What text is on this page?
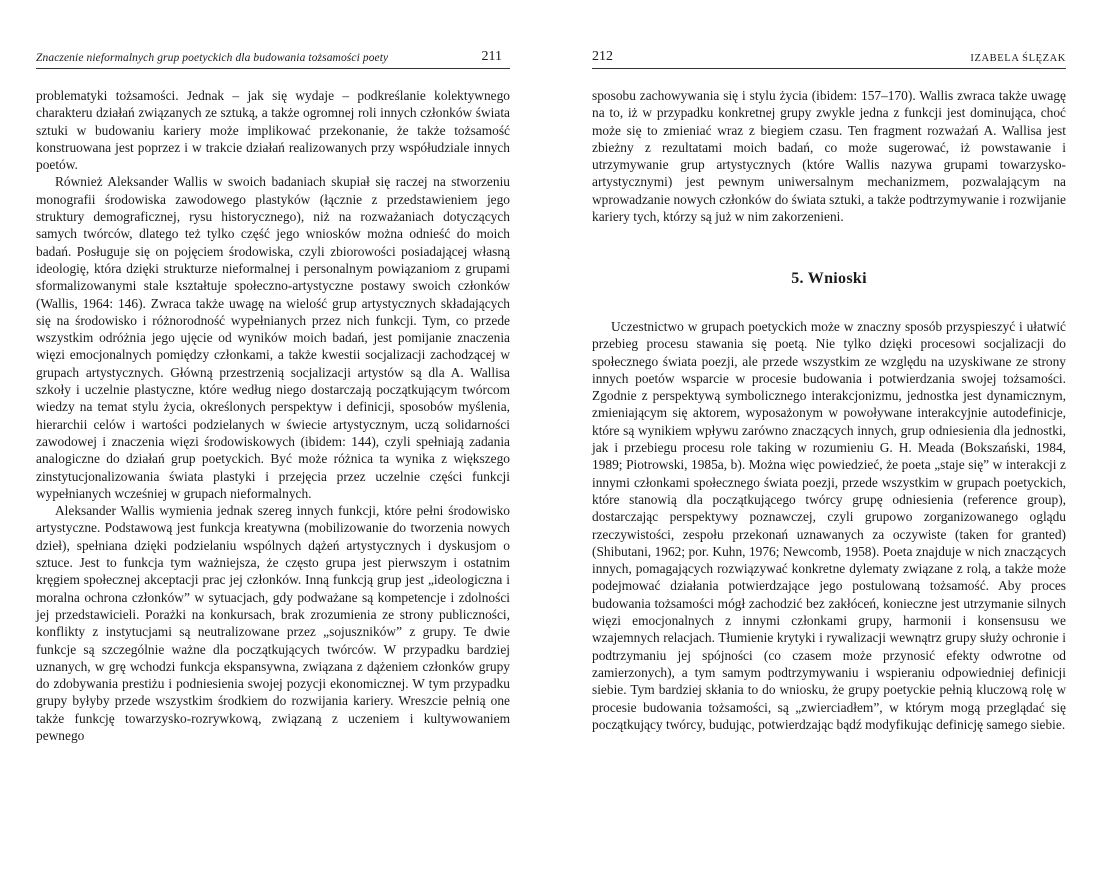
Znaczenie nieformalnych grup poetyckich dla budowania tożsamości poety	211

problematyki tożsamości. Jednak – jak się wydaje – podkreślanie kolektywnego charakteru działań związanych ze sztuką, a także ogromnej roli innych członków świata sztuki w budowaniu kariery może implikować przekonanie, że także tożsamość konstruowana jest poprzez i w trakcie działań realizowanych przy współudziale innych poetów.

Również Aleksander Wallis w swoich badaniach skupiał się raczej na stworzeniu monografii środowiska zawodowego plastyków (łącznie z przedstawieniem jego struktury demograficznej, rysu historycznego), niż na rozważaniach dotyczących samych twórców, dlatego też tylko część jego wniosków można odnieść do moich badań. Posługuje się on pojęciem środowiska, czyli zbiorowości posiadającej własną ideologię, która dzięki strukturze nieformalnej i personalnym powiązaniom z grupami sformalizowanymi stale kształtuje społeczno-artystyczne postawy swoich członków (Wallis, 1964: 146). Zwraca także uwagę na wielość grup artystycznych składających się na środowisko i różnorodność wypełnianych przez nich funkcji. Tym, co przede wszystkim odróżnia jego ujęcie od wyników moich badań, jest pomijanie znaczenia więzi emocjonalnych pomiędzy członkami, a także kwestii socjalizacji zachodzącej w grupach artystycznych. Główną przestrzenią socjalizacji artystów są dla A. Wallisa szkoły i uczelnie plastyczne, które według niego dostarczają początkującym twórcom wiedzy na temat stylu życia, określonych perspektyw i definicji, sposobów myślenia, hierarchii celów i wartości podzielanych w świecie artystycznym, uczą solidarności zawodowej i znaczenia więzi środowiskowych (ibidem: 144), czyli spełniają zadania analogiczne do działań grup poetyckich. Być może różnica ta wynika z większego zinstytucjonalizowania świata plastyki i przejęcia przez uczelnie części funkcji wypełnianych wcześniej w grupach nieformalnych.

Aleksander Wallis wymienia jednak szereg innych funkcji, które pełni środowisko artystyczne. Podstawową jest funkcja kreatywna (mobilizowanie do tworzenia nowych dzieł), spełniana dzięki podzielaniu wspólnych dążeń artystycznych i dyskusjom o sztuce. Jest to funkcja tym ważniejsza, że często grupa jest pierwszym i ostatnim kręgiem społecznej akceptacji prac jej członków. Inną funkcją grup jest „ideologiczna i moralna ochrona członków” w sytuacjach, gdy podważane są kompetencje i zdolności jej przedstawicieli. Porażki na konkursach, brak zrozumienia ze strony publiczności, konflikty z instytucjami są neutralizowane przez „sojuszników” z grupy. Te dwie funkcje są szczególnie ważne dla początkujących twórców. W przypadku bardziej uznanych, w grę wchodzi funkcja ekspansywna, związana z dążeniem członków grupy do zdobywania prestiżu i podniesienia swojej pozycji ekonomicznej. W tym przypadku grupy byłyby przede wszystkim środkiem do rozwijania kariery. Wreszcie pełnią one także funkcję towarzysko-rozrywkową, związaną z uczeniem i kultywowaniem pewnego

212	IZABELA ŚLĘZAK

sposobu zachowywania się i stylu życia (ibidem: 157–170). Wallis zwraca także uwagę na to, iż w przypadku konkretnej grupy zwykle jedna z funkcji jest dominująca, choć może się to zmieniać wraz z biegiem czasu. Ten fragment rozważań A. Wallisa jest zbieżny z rezultatami moich badań, co może sugerować, iż powstawanie i utrzymywanie grup artystycznych (które Wallis nazywa grupami towarzysko-artystycznymi) jest pewnym uniwersalnym mechanizmem, pozwalającym na wprowadzanie nowych członków do świata sztuki, a także podtrzymywanie i rozwijanie kariery tych, którzy są już w nim zakorzenieni.

5. Wnioski

Uczestnictwo w grupach poetyckich może w znaczny sposób przyspieszyć i ułatwić przebieg procesu stawania się poetą. Nie tylko dzięki procesowi socjalizacji do społecznego świata poezji, ale przede wszystkim ze względu na uzyskiwane ze strony innych poetów wsparcie w procesie budowania i potwierdzania swojej tożsamości. Zgodnie z perspektywą symbolicznego interakcjonizmu, jednostka jest dynamicznym, zmieniającym się aktorem, wyposażonym w powoływane interakcyjnie autodefinicje, które są wynikiem wpływu zarówno znaczących innych, grup odniesienia dla jednostki, jak i przebiegu procesu role taking w rozumieniu G. H. Meada (Bokszański, 1984, 1989; Piotrowski, 1985a, b). Można więc powiedzieć, że poeta „staje się” w interakcji z innymi członkami społecznego świata poezji, przede wszystkim w grupach poetyckich, które stanowią dla początkującego twórcy grupę odniesienia (reference group), dostarczając perspektywy poznawczej, czyli grupowo zorganizowanego oglądu rzeczywistości, zespołu przekonań uznawanych za oczywiste (taken for granted) (Shibutani, 1962; por. Kuhn, 1976; Newcomb, 1958). Poeta znajduje w nich znaczących innych, pomagających rozwiązywać konkretne dylematy związane z rolą, a także może podejmować działania potwierdzające jego postulowaną tożsamość. Aby proces budowania tożsamości mógł zachodzić bez zakłóceń, konieczne jest utrzymanie silnych więzi emocjonalnych z innymi członkami grupy, harmonii i konsensusu we wzajemnych relacjach. Tłumienie krytyki i rywalizacji wewnątrz grupy służy ochronie i podtrzymaniu jej spójności (co czasem może przynosić efekty odwrotne od zamierzonych), a tym samym podtrzymywaniu i wspieraniu odpowiedniej definicji siebie. Tym bardziej skłania to do wniosku, że grupy poetyckie pełnią kluczową rolę w procesie budowania tożsamości, są „zwierciadłem”, w którym mogą przeglądać się początkujący twórcy, budując, potwierdzając bądź modyfikując definicję samego siebie.
